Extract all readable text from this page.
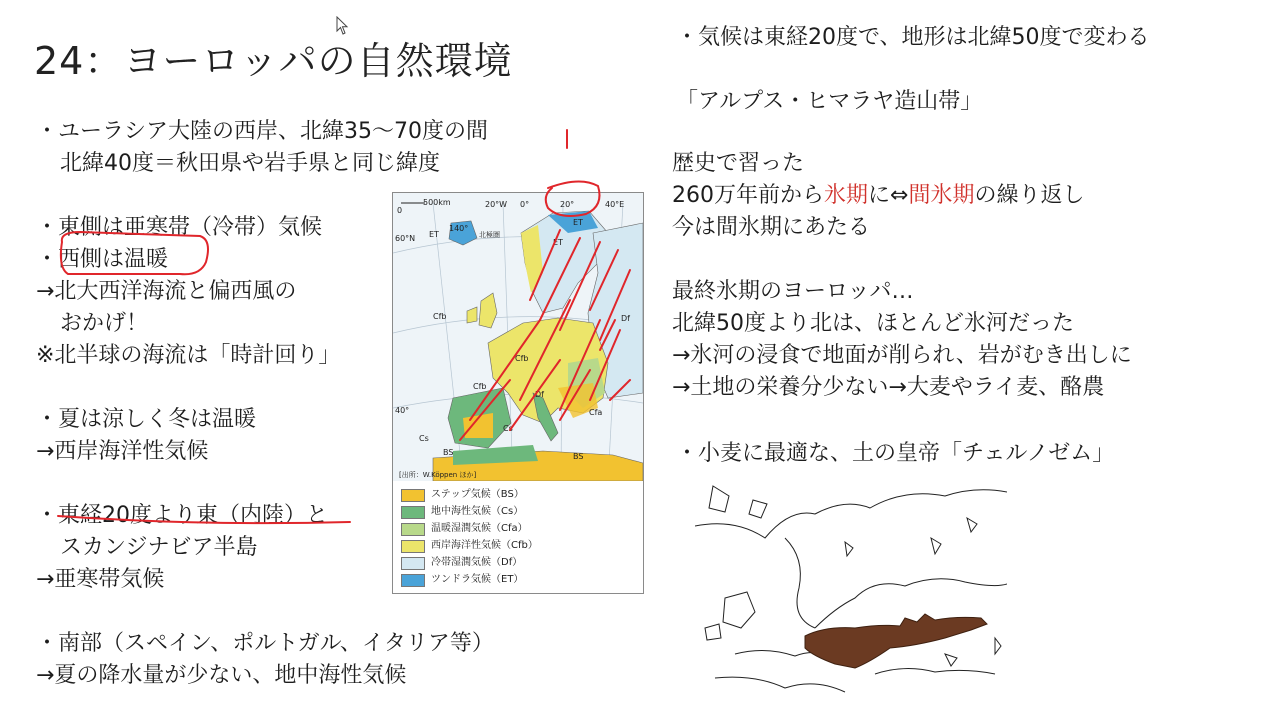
24：ヨーロッパの自然環境
・ユーラシア大陸の西岸、北緯35〜70度の間
北緯40度＝秋田県や岩手県と同じ緯度
・東側は亜寒帯（冷帯）気候
・西側は温暖
→北大西洋海流と偏西風の
おかげ！
※北半球の海流は「時計回り」
・夏は涼しく冬は温暖
→西岸海洋性気候
・東経20度より東（内陸）と
スカンジナビア半島
→亜寒帯気候
・南部（スペイン、ポルトガル、イタリア等）
→夏の降水量が少ない、地中海性気候
・気候は東経20度で、地形は北緯50度で変わる
「アルプス・ヒマラヤ造山帯」
歴史で習った
260万年前から氷期に⇔間氷期の繰り返し
今は間氷期にあたる
最終氷期のヨーロッパ…
北緯50度より北は、ほとんど氷河だった
→氷河の浸食で地面が削られ、岩がむき出しに
→土地の栄養分少ない→大麦やライ麦、酪農
・小麦に最適な、土の皇帝「チェルノゼム」
0
500km	20°W 0°	20°	40°E
60°N
40°
140°
北極圏
ET
ET
Cfb
Cfb
Cfb
Df
Df
Cfa
Cs
Cs
BS	BS
ET
[出所：W.Köppen ほか]
ステップ気候（BS）
地中海性気候（Cs）
温暖湿潤気候（Cfa）
西岸海洋性気候（Cfb）
冷帯湿潤気候（Df）
ツンドラ気候（ET）
